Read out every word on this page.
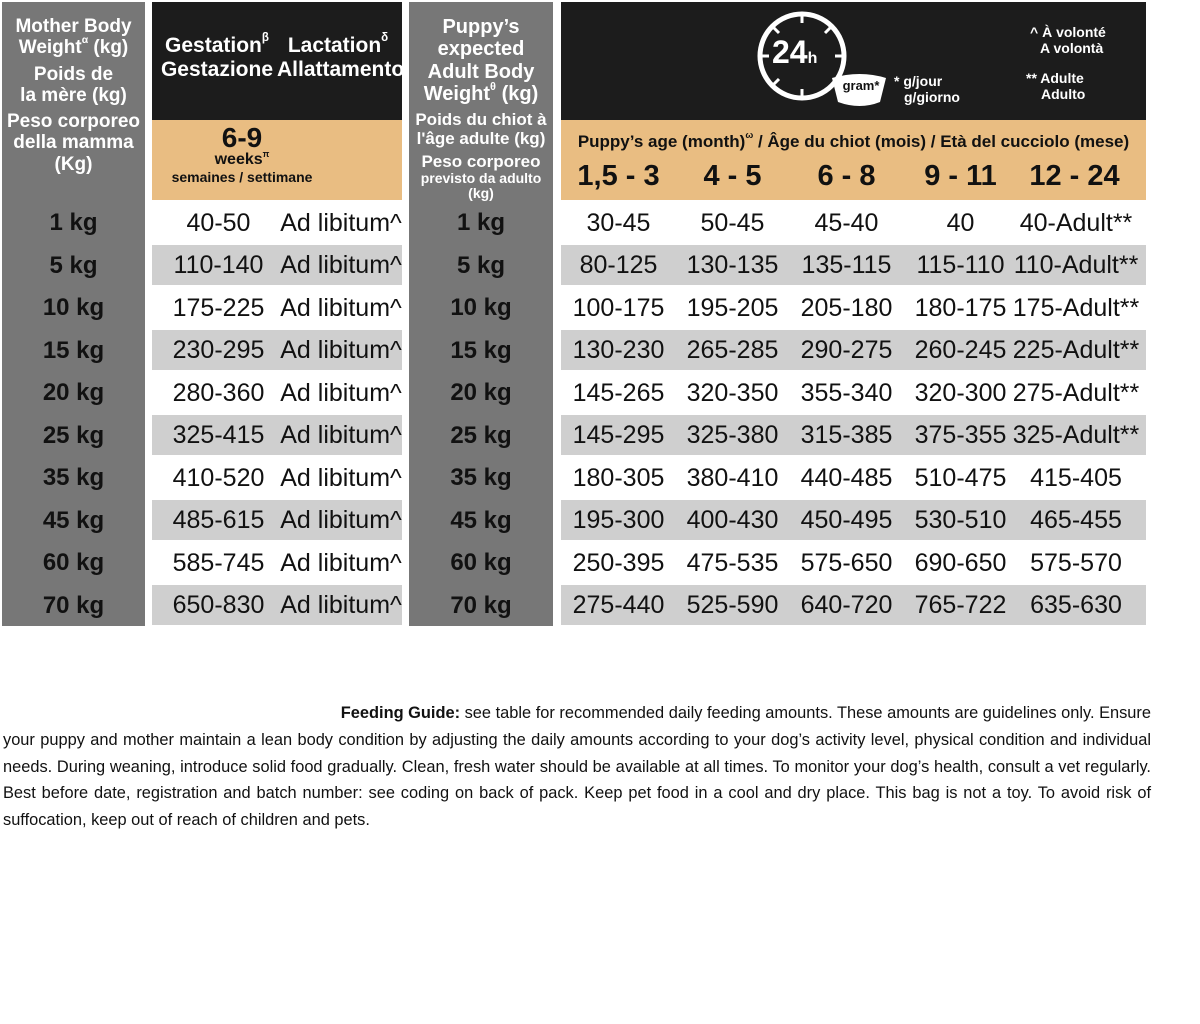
Mother Body
Weight$^\alpha$ (kg)
Poids de
la mère (kg)
Peso corporeo
della mamma (Kg)
Gestation$^\beta$
Gestazione
Lactation$^\delta$
Allattamento
6-9
weeks$^\pi$
semaines / settimane
Puppy’s expected
Adult Body
Weight$^\theta$ (kg)
Poids du chiot à
l'âge adulte (kg)
Peso corporeo
previsto da adulto (kg)
24h
gram*	* g/jour
g/giorno
^ À volonté
A volontà
** Adulte
Adulto
Puppy’s age (month)$^\omega$ / Âge du chiot (mois) / Età del cucciolo (mese)
1,5 - 3	4 - 5	6 - 8	9 - 11	12 - 24
1 kg	40-50	Ad libitum^	1 kg	30-45	50-45	45-40	40	40-Adult**
5 kg	110-140 Ad libitum^	5 kg	80-125	130-135 135-115	115-110 110-Adult**
10 kg	175-225 Ad libitum^	10 kg	100-175 195-205 205-180 180-175 175-Adult**
15 kg	230-295 Ad libitum^	15 kg	130-230 265-285 290-275 260-245 225-Adult**
20 kg	280-360 Ad libitum^	20 kg	145-265 320-350 355-340 320-300 275-Adult**
25 kg	325-415 Ad libitum^	25 kg	145-295 325-380 315-385 375-355 325-Adult**
35 kg	410-520 Ad libitum^	35 kg	180-305 380-410 440-485 510-475 415-405
45 kg	485-615 Ad libitum^	45 kg	195-300 400-430 450-495 530-510 465-455
60 kg	585-745 Ad libitum^	60 kg	250-395 475-535 575-650 690-650 575-570
70 kg	650-830 Ad libitum^	70 kg	275-440 525-590 640-720 765-722 635-630
Feeding Guide: see table for recommended daily feeding amounts. These amounts are guidelines only. Ensure
your puppy and mother maintain a lean body condition by adjusting the daily amounts according to your dog’s activity level, physical condition and individual needs. During weaning, introduce solid food gradually. Clean, fresh water should be available at all times. To monitor your dog’s health, consult a vet regularly. Best before date, registration and batch number: see coding on back of pack. Keep pet food in a cool and dry place. This bag is not a toy. To avoid risk of suffocation, keep out of reach of children and pets.
